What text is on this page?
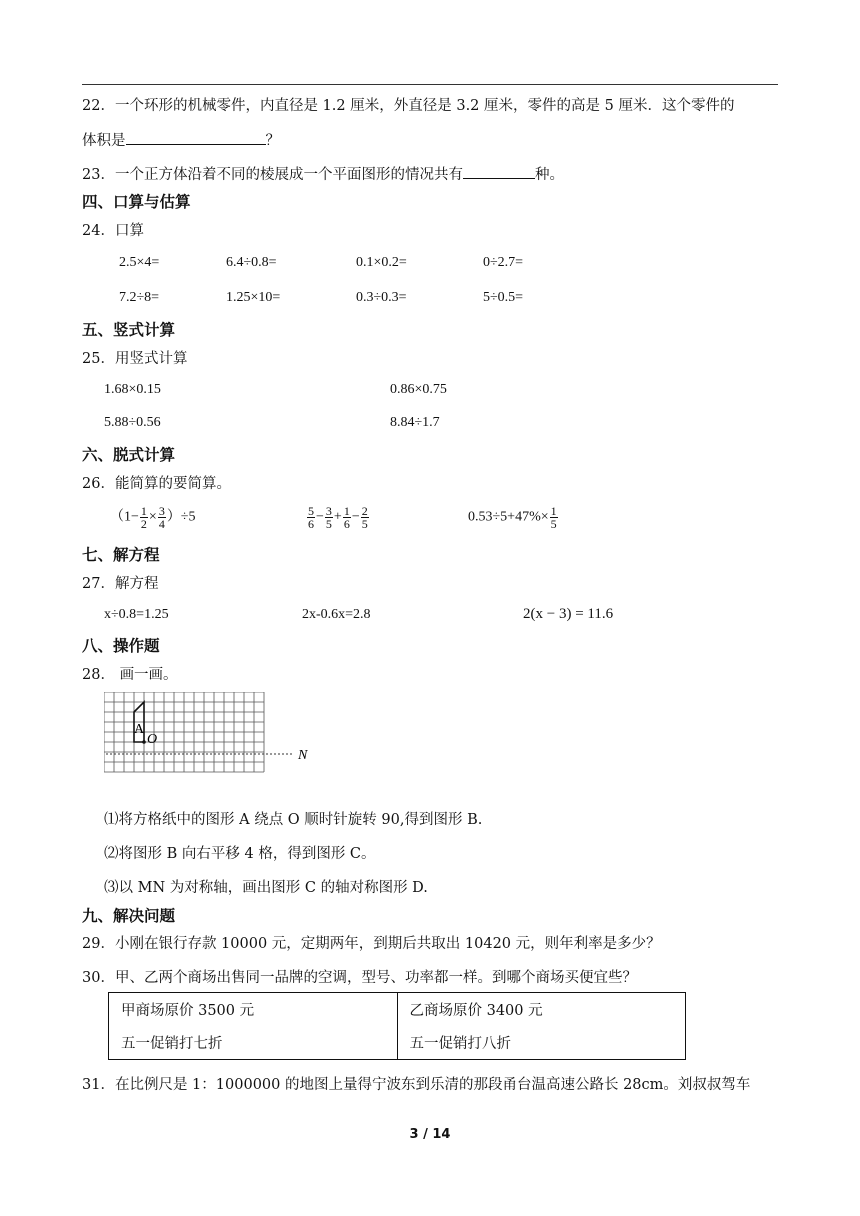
22．一个环形的机械零件，内直径是 1.2 厘米，外直径是 3.2 厘米，零件的高是 5 厘米．这个零件的
体积是	？
23．一个正方体沿着不同的棱展成一个平面图形的情况共有	种。
四、口算与估算
24．口算
2.5×4=	6.4÷0.8=	0.1×0.2=	0÷2.7=
7.2÷8=	1.25×10=	0.3÷0.3=	5÷0.5=
五、竖式计算
25．用竖式计算
1.68×0.15	0.86×0.75
5.88÷0.56	8.84÷1.7
六、脱式计算
26．能简算的要简算。
$(1- \frac{1}{2} \times \frac{3}{4} )\div 5$	$\frac{5}{6} - \frac{3}{5} + \frac{1}{6} - \frac{2}{5}$	$0.53\div 5+47\%\times \frac{1}{5}$
七、解方程
27．解方程
x÷0.8=1.25	2x-0.6x=2.8	2(x − 3) = 11.6
八、操作题
28． 画一画。
A
O
N
⑴将方格纸中的图形 A 绕点 O 顺时针旋转 90,得到图形 B.
⑵将图形 B 向右平移 4 格，得到图形 C。
⑶以 MN 为对称轴，画出图形 C 的轴对称图形 D.
九、解决问题
29．小刚在银行存款 10000 元，定期两年，到期后共取出 10420 元，则年利率是多少？
30．甲、乙两个商场出售同一品牌的空调，型号、功率都一样。到哪个商场买便宜些？
甲商场原价 3500 元	乙商场原价 3400 元
五一促销打七折	五一促销打八折
31．在比例尺是 1：1000000 的地图上量得宁波东到乐清的那段甬台温高速公路长 28cm。刘叔叔驾车
3 / 14
